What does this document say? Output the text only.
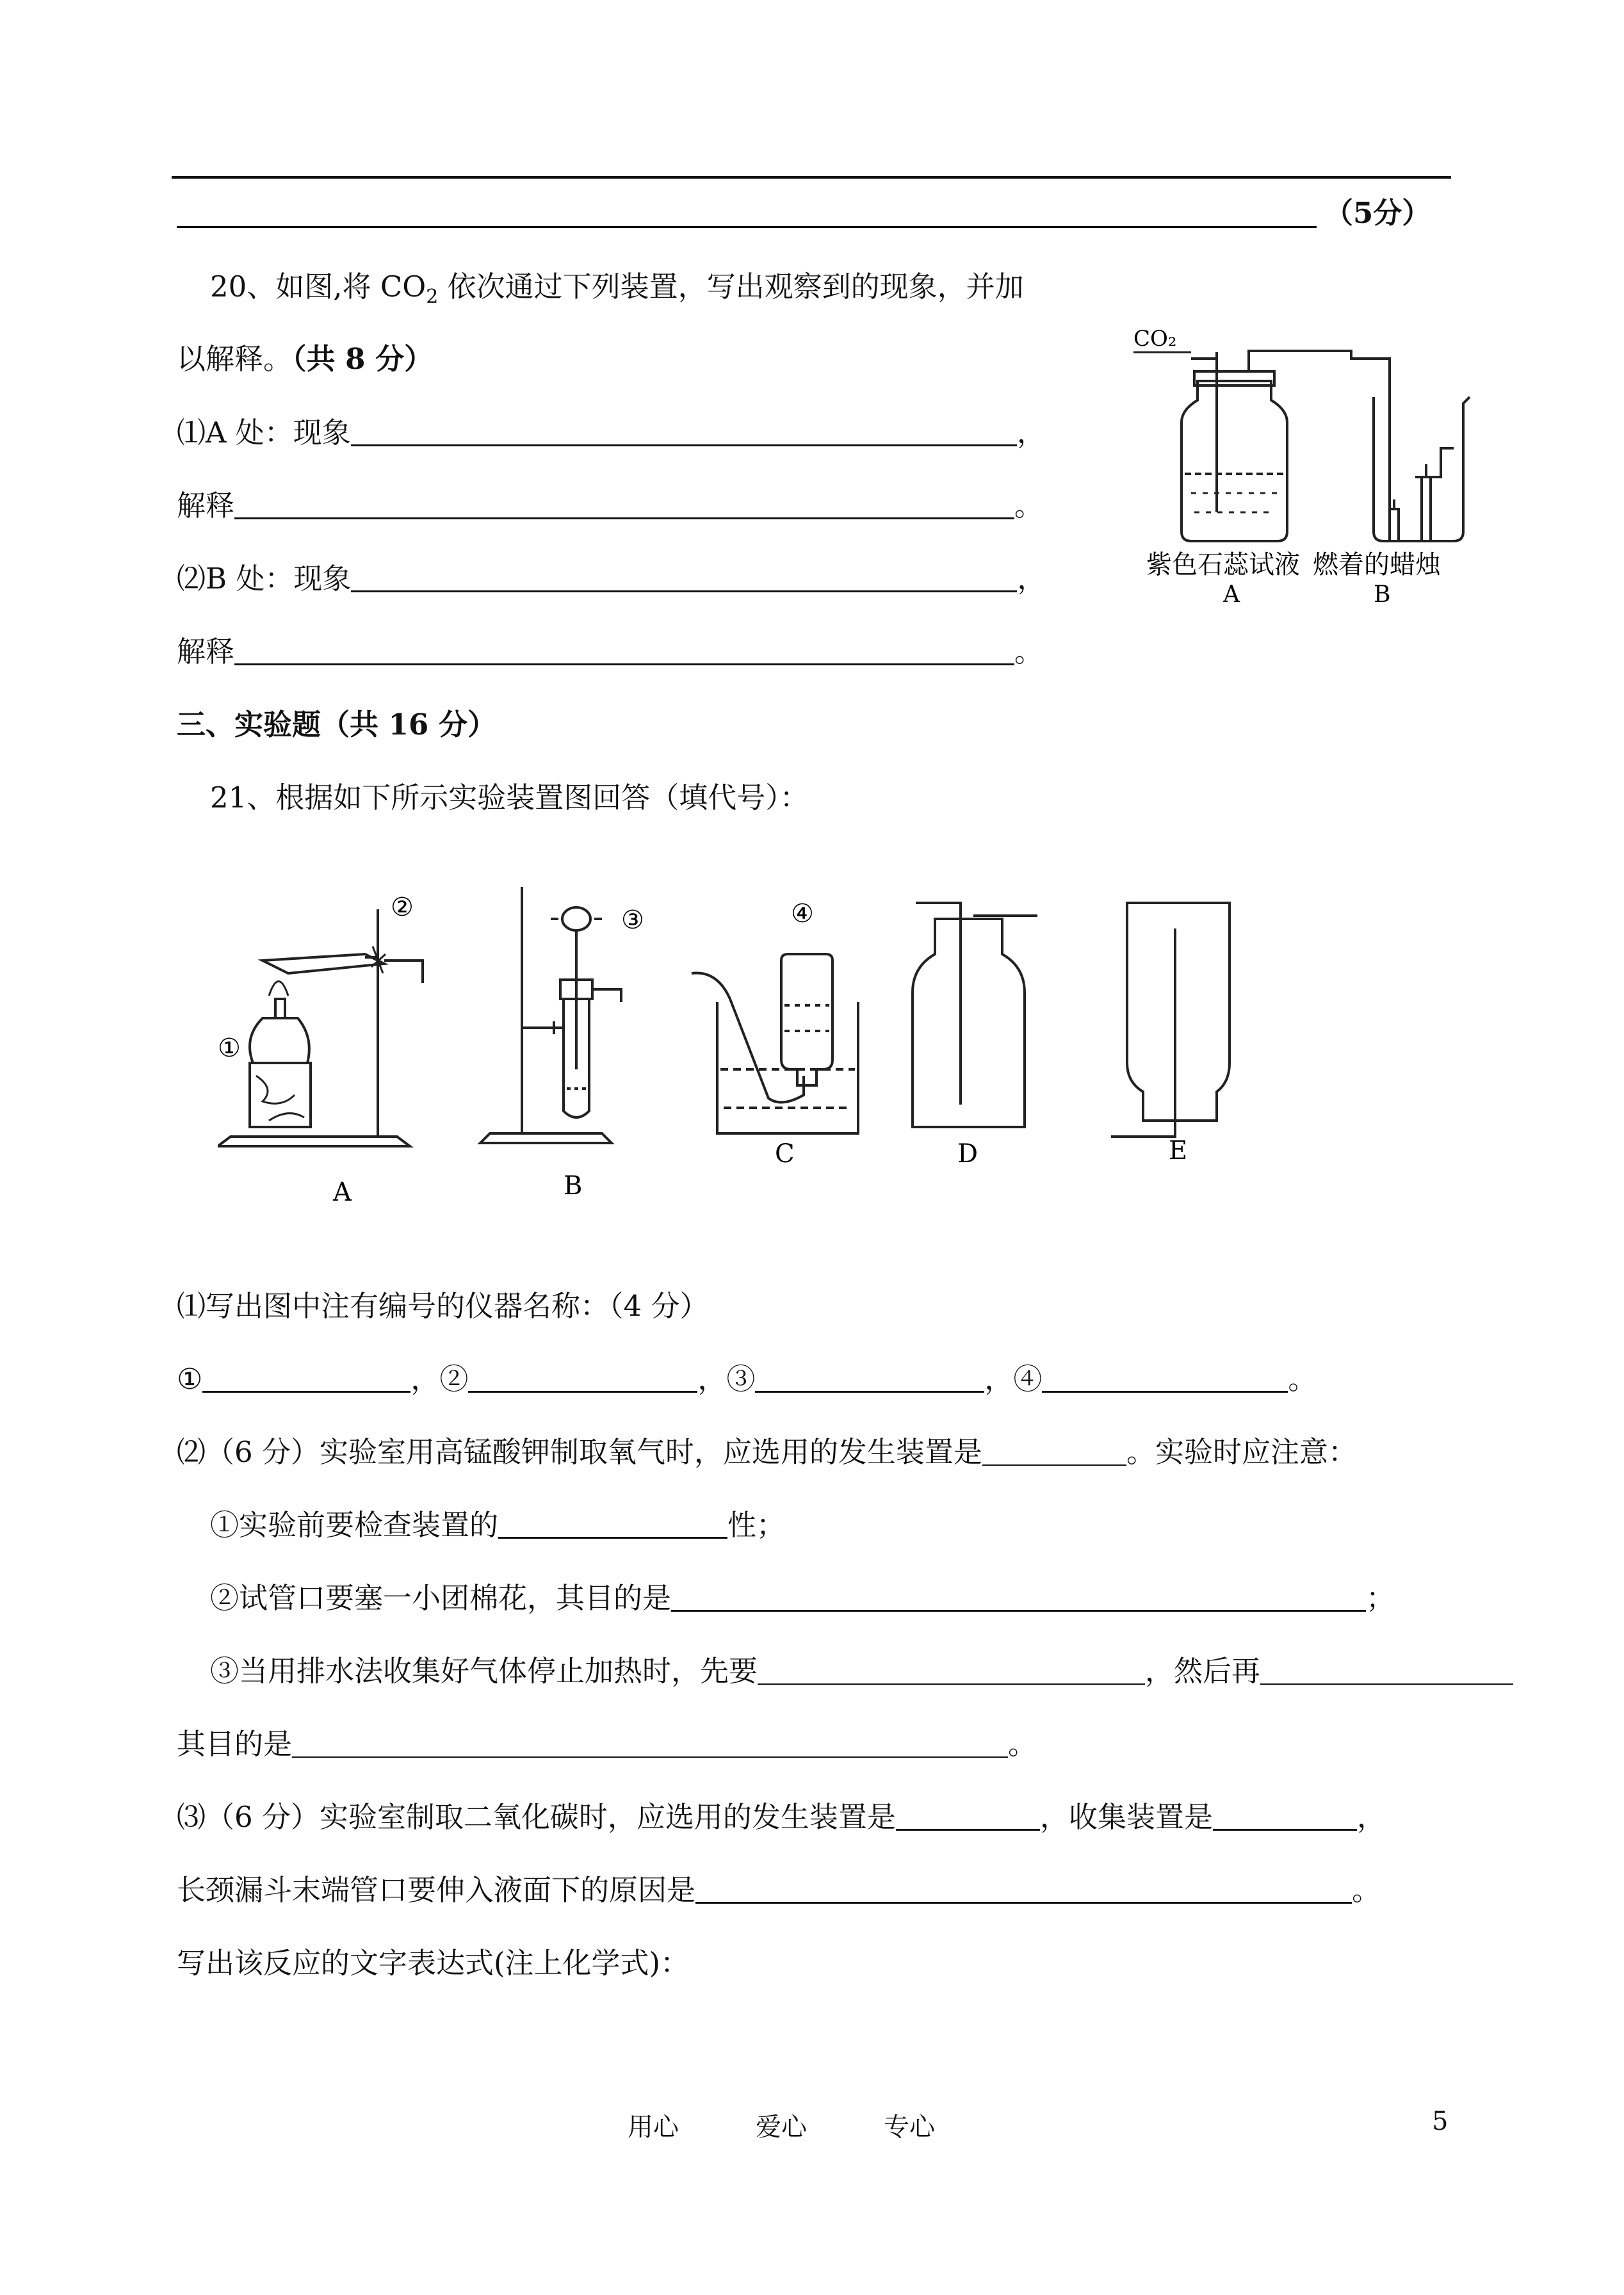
（5分）
20、如图,将 $CO_2$ 依次通过下列装置，写出观察到的现象，并加
以解释。（共 8 分）
⑴A 处：现象	，
解释	。
⑵B 处：现象	，
解释	。
CO₂
紫色石蕊试液 燃着的蜡烛
A	B
三、实验题（共 16 分）
21、根据如下所示实验装置图回答（填代号）：
①
②
A
③
B
④
C	D	E
⑴写出图中注有编号的仪器名称：（4 分）
①	，②	，③	，④	。
⑵（6 分）实验室用高锰酸钾制取氧气时，应选用的发生装置是	。实验时应注意：
①实验前要检查装置的	性；
②试管口要塞一小团棉花，其目的是	；
③当用排水法收集好气体停止加热时，先要	，然后再
其目的是	。
⑶（6 分）实验室制取二氧化碳时，应选用的发生装置是	，收集装置是	，
长颈漏斗末端管口要伸入液面下的原因是	。
写出该反应的文字表达式(注上化学式)：
用心	爱心	专心	5
